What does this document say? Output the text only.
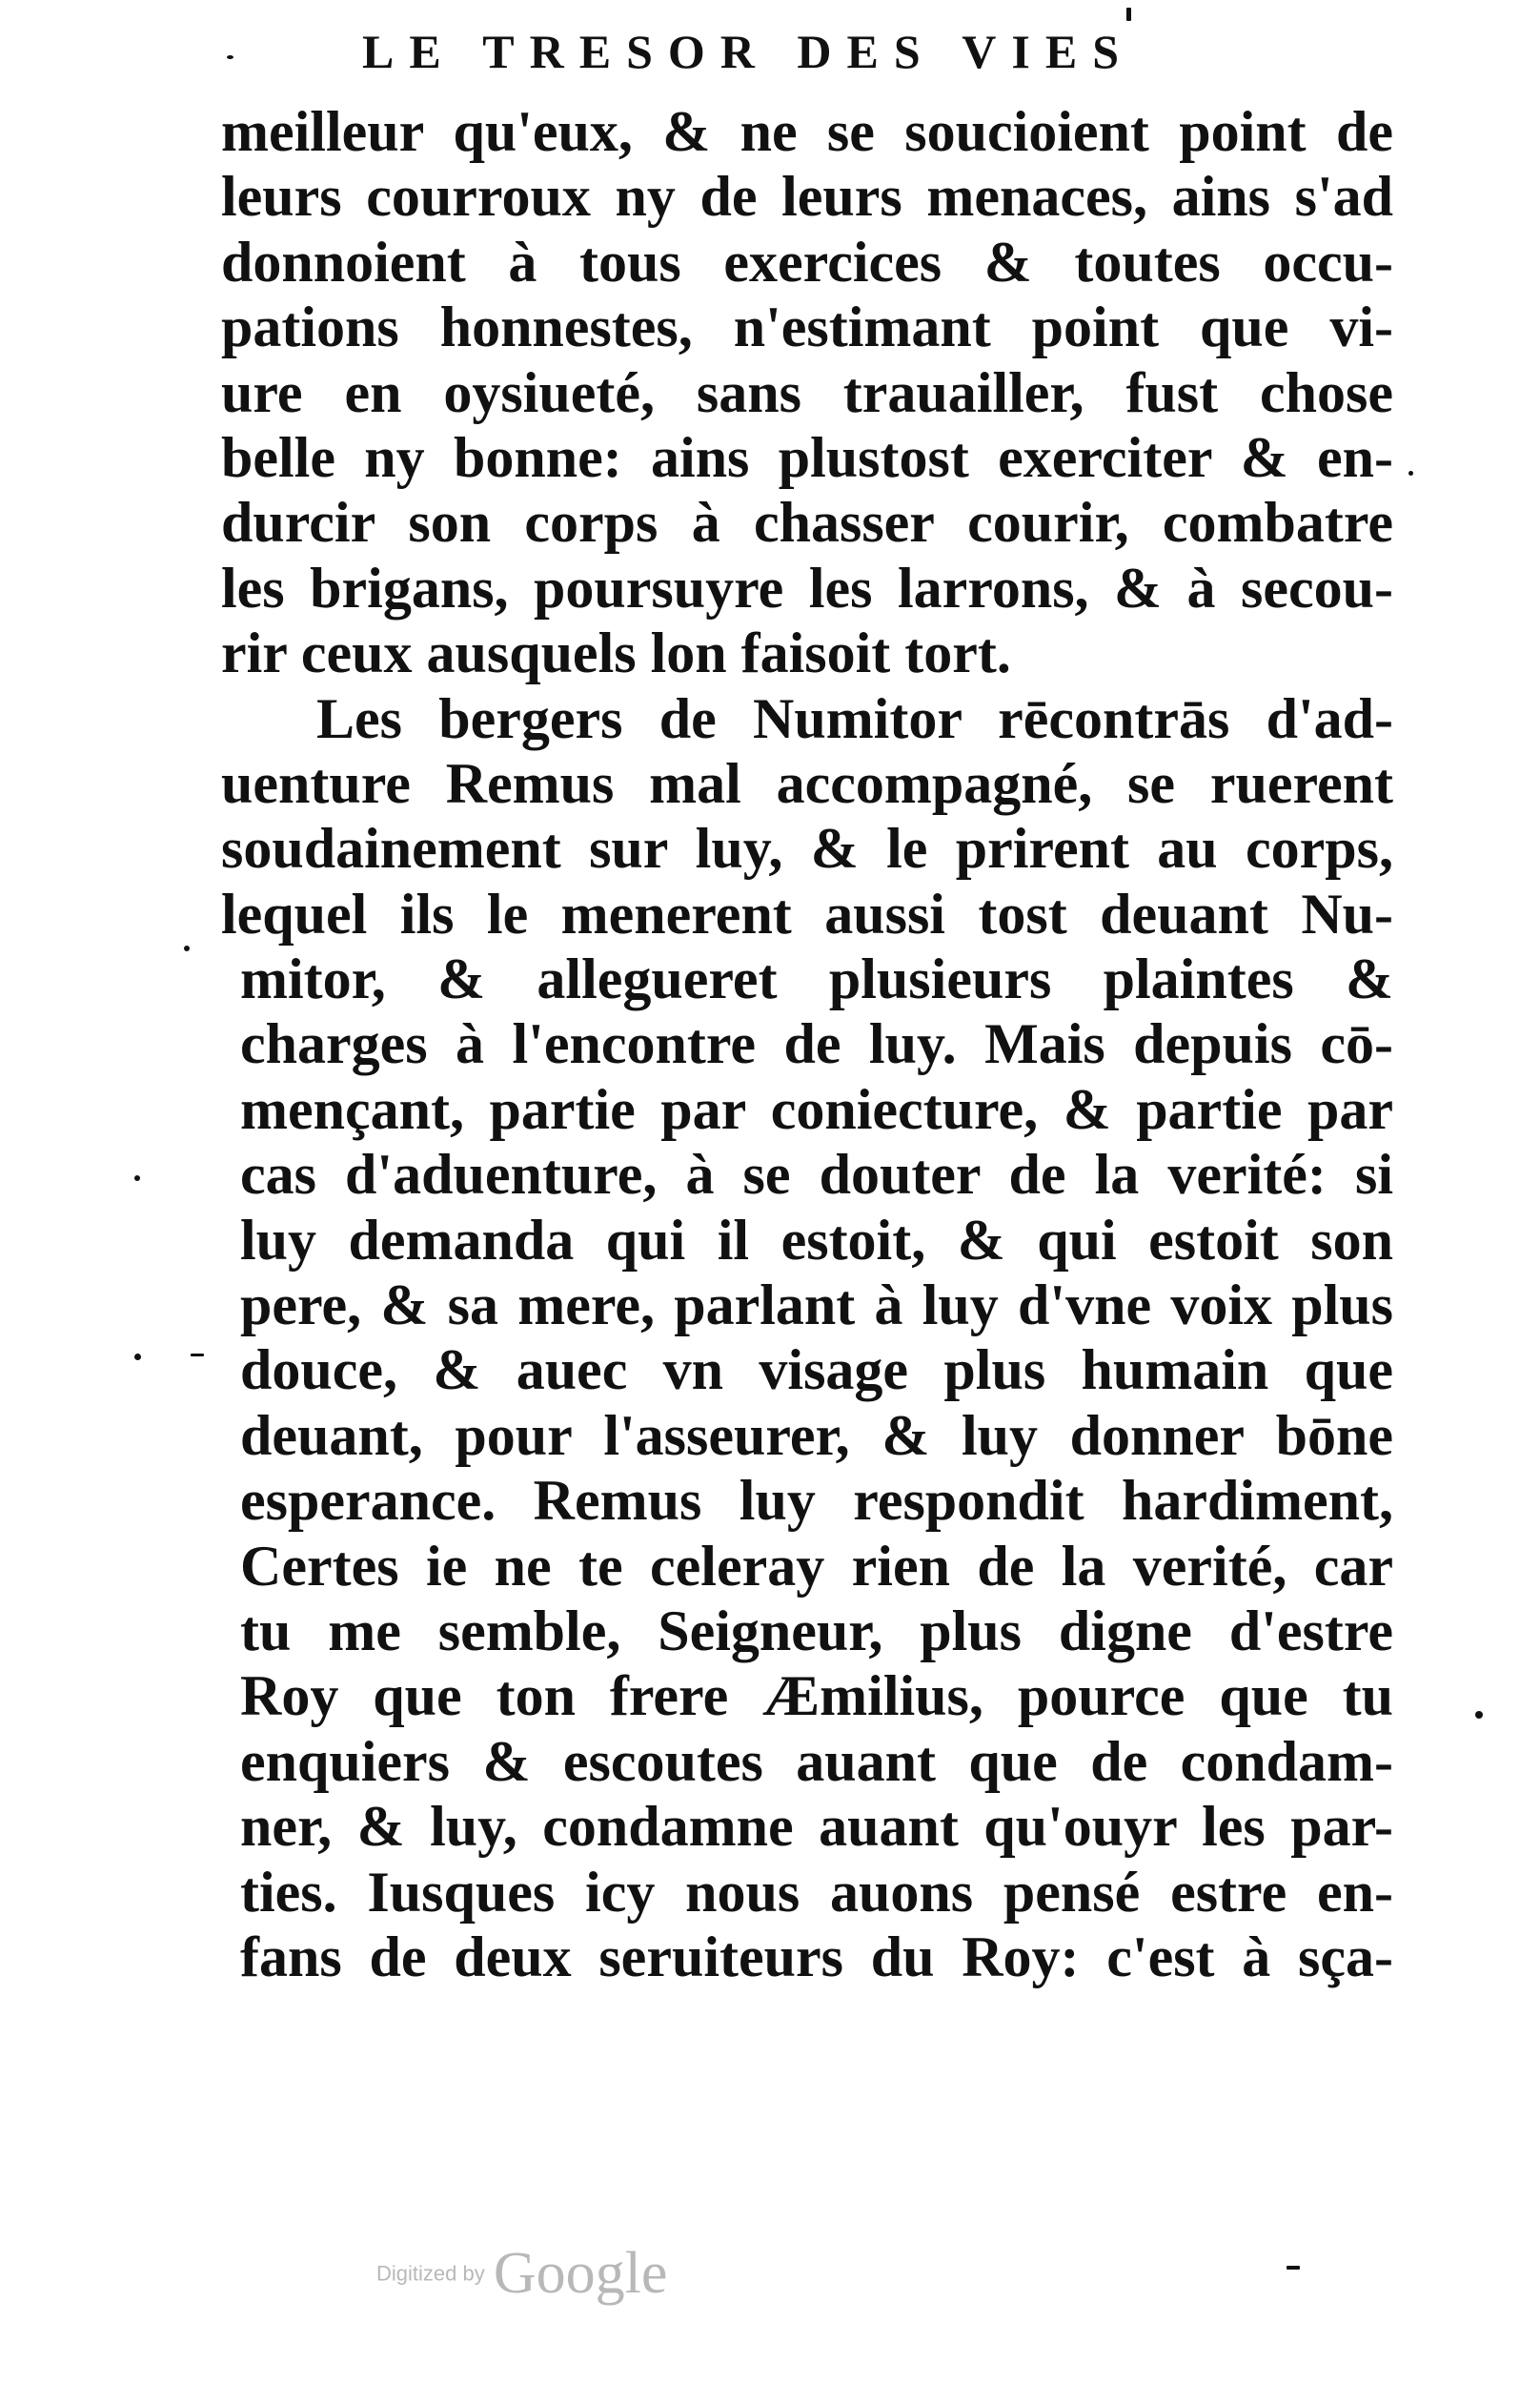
LE TRESOR DES VIES
meilleur qu'eux, & ne se soucioient point de
leurs courroux ny de leurs menaces, ains s'ad
donnoient à tous exercices & toutes occu-
pations honnestes, n'estimant point que vi-
ure en oysiueté, sans trauailler, fust chose
belle ny bonne: ains plustost exerciter & en-
durcir son corps à chasser courir, combatre
les brigans, poursuyre les larrons, & à secou-
rir ceux ausquels lon faisoit tort.
Les bergers de Numitor rēcontrās d'ad-
uenture Remus mal accompagné, se ruerent
soudainement sur luy, & le prirent au corps,
lequel ils le menerent aussi tost deuant Nu-
mitor, & allegueret plusieurs plaintes &
charges à l'encontre de luy. Mais depuis cō-
mençant, partie par coniecture, & partie par
cas d'aduenture, à se douter de la verité: si
luy demanda qui il estoit, & qui estoit son
pere, & sa mere, parlant à luy d'vne voix plus
douce, & auec vn visage plus humain que
deuant, pour l'asseurer, & luy donner bōne
esperance. Remus luy respondit hardiment,
Certes ie ne te celeray rien de la verité, car
tu me semble, Seigneur, plus digne d'estre
Roy que ton frere Æmilius, pource que tu
enquiers & escoutes auant que de condam-
ner, & luy, condamne auant qu'ouyr les par-
ties. Iusques icy nous auons pensé estre en-
fans de deux seruiteurs du Roy: c'est à sça-
Digitized by Google
